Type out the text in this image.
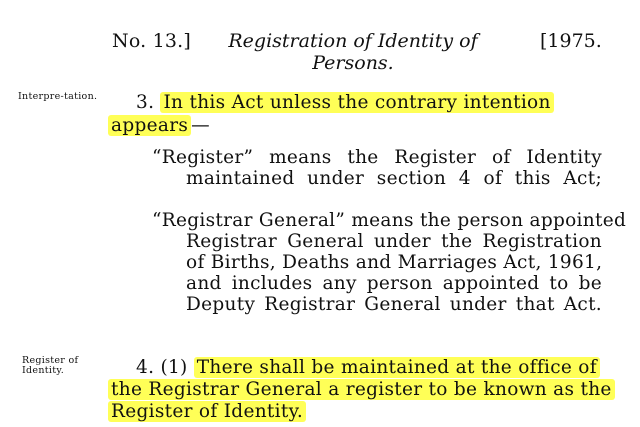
No. 13.]	Registration of Identity of Persons.
[1975.
Interpre-tation. 3. In this Act unless the contrary intention
appears —
“Register” means the Register of Identity
maintained under section 4 of this Act;
“Registrar General” means the person appointed
Registrar General under the Registration
of Births, Deaths and Marriages Act, 1961,
and includes any person appointed to be
Deputy Registrar General under that Act.
Register of Identity.	4. (1) There shall be maintained at the office of
the Registrar General a register to be known as the
Register of Identity.
